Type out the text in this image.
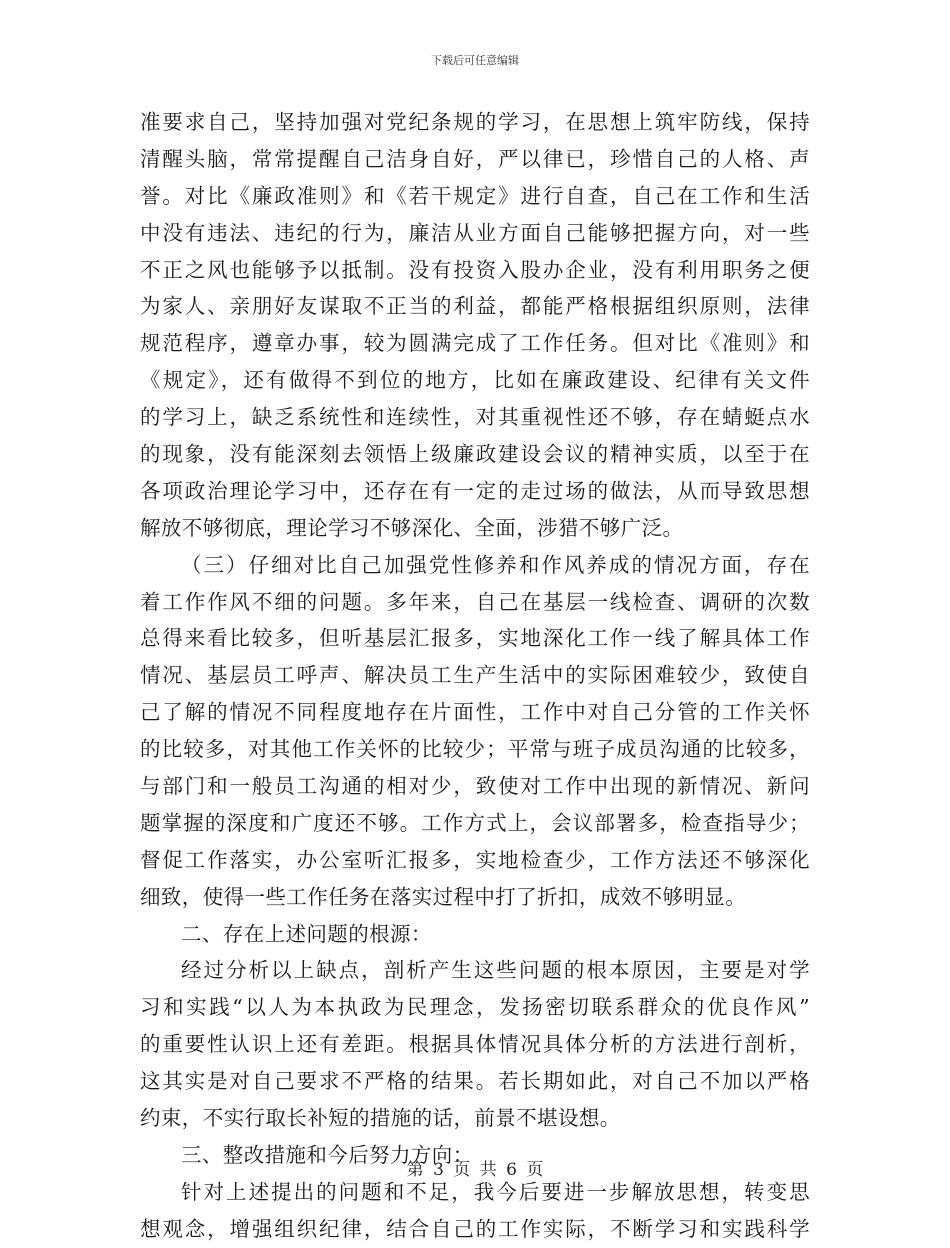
下载后可任意编辑
准要求自己，坚持加强对党纪条规的学习，在思想上筑牢防线，保持
清醒头脑，常常提醒自己洁身自好，严以律已，珍惜自己的人格、声
誉。对比《廉政准则》和《若干规定》进行自查，自己在工作和生活
中没有违法、违纪的行为，廉洁从业方面自己能够把握方向，对一些
不正之风也能够予以抵制。没有投资入股办企业，没有利用职务之便
为家人、亲朋好友谋取不正当的利益，都能严格根据组织原则，法律
规范程序，遵章办事，较为圆满完成了工作任务。但对比《准则》和
《规定》，还有做得不到位的地方，比如在廉政建设、纪律有关文件
的学习上，缺乏系统性和连续性，对其重视性还不够，存在蜻蜓点水
的现象，没有能深刻去领悟上级廉政建设会议的精神实质，以至于在
各项政治理论学习中，还存在有一定的走过场的做法，从而导致思想
解放不够彻底，理论学习不够深化、全面，涉猎不够广泛。
（三）仔细对比自己加强党性修养和作风养成的情况方面，存在
着工作作风不细的问题。多年来，自己在基层一线检查、调研的次数
总得来看比较多，但听基层汇报多，实地深化工作一线了解具体工作
情况、基层员工呼声、解决员工生产生活中的实际困难较少，致使自
己了解的情况不同程度地存在片面性，工作中对自己分管的工作关怀
的比较多，对其他工作关怀的比较少；平常与班子成员沟通的比较多，
与部门和一般员工沟通的相对少，致使对工作中出现的新情况、新问
题掌握的深度和广度还不够。工作方式上，会议部署多，检查指导少；
督促工作落实，办公室听汇报多，实地检查少，工作方法还不够深化
细致，使得一些工作任务在落实过程中打了折扣，成效不够明显。
二、存在上述问题的根源：
经过分析以上缺点，剖析产生这些问题的根本原因，主要是对学
习和实践“以人为本执政为民理念，发扬密切联系群众的优良作风”
的重要性认识上还有差距。根据具体情况具体分析的方法进行剖析，
这其实是对自己要求不严格的结果。若长期如此，对自己不加以严格
约束，不实行取长补短的措施的话，前景不堪设想。
三、整改措施和今后努力方向：
针对上述提出的问题和不足，我今后要进一步解放思想，转变思
想观念，增强组织纪律，结合自己的工作实际，不断学习和实践科学
第 3 页 共 6 页
